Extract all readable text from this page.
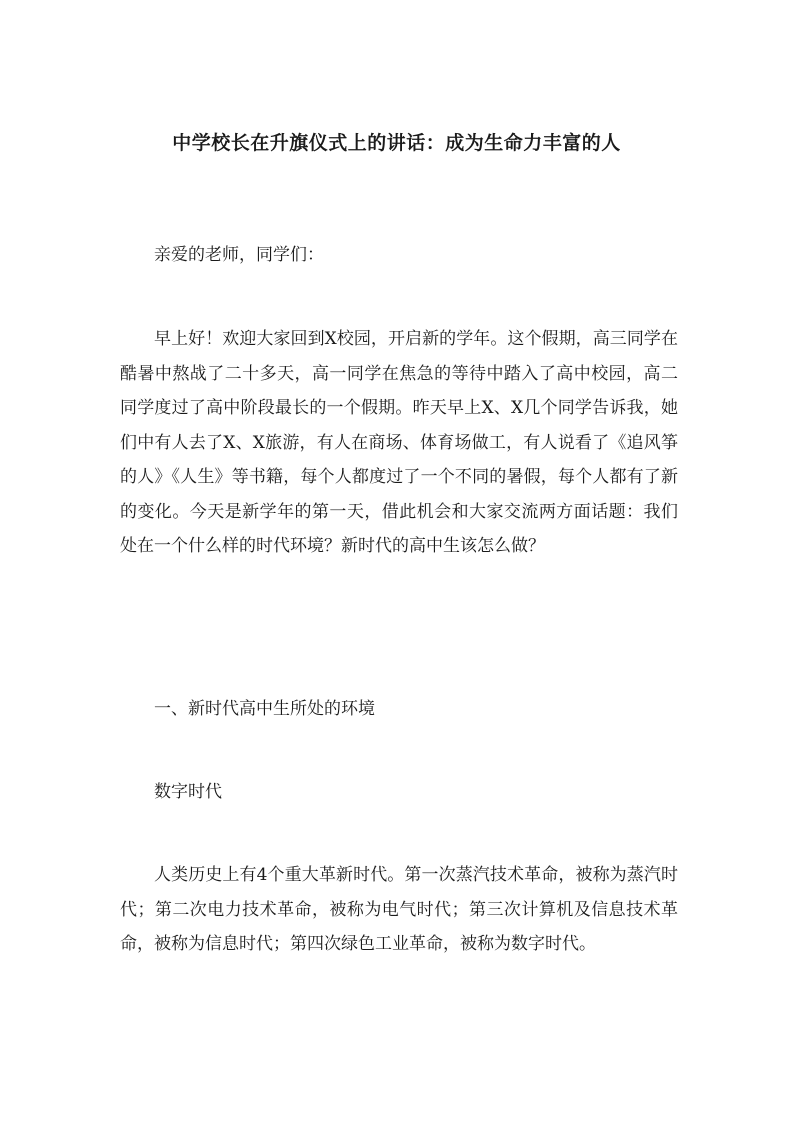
中学校长在升旗仪式上的讲话：成为生命力丰富的人

亲爱的老师，同学们：

早上好！欢迎大家回到X校园，开启新的学年。这个假期，高三同学在酷暑中熬战了二十多天，高一同学在焦急的等待中踏入了高中校园，高二同学度过了高中阶段最长的一个假期。昨天早上X、X几个同学告诉我，她们中有人去了X、X旅游，有人在商场、体育场做工，有人说看了《追风筝的人》《人生》等书籍，每个人都度过了一个不同的暑假，每个人都有了新的变化。今天是新学年的第一天，借此机会和大家交流两方面话题：我们处在一个什么样的时代环境？新时代的高中生该怎么做？

一、新时代高中生所处的环境

数字时代

人类历史上有4个重大革新时代。第一次蒸汽技术革命，被称为蒸汽时代；第二次电力技术革命，被称为电气时代；第三次计算机及信息技术革命，被称为信息时代；第四次绿色工业革命，被称为数字时代。
